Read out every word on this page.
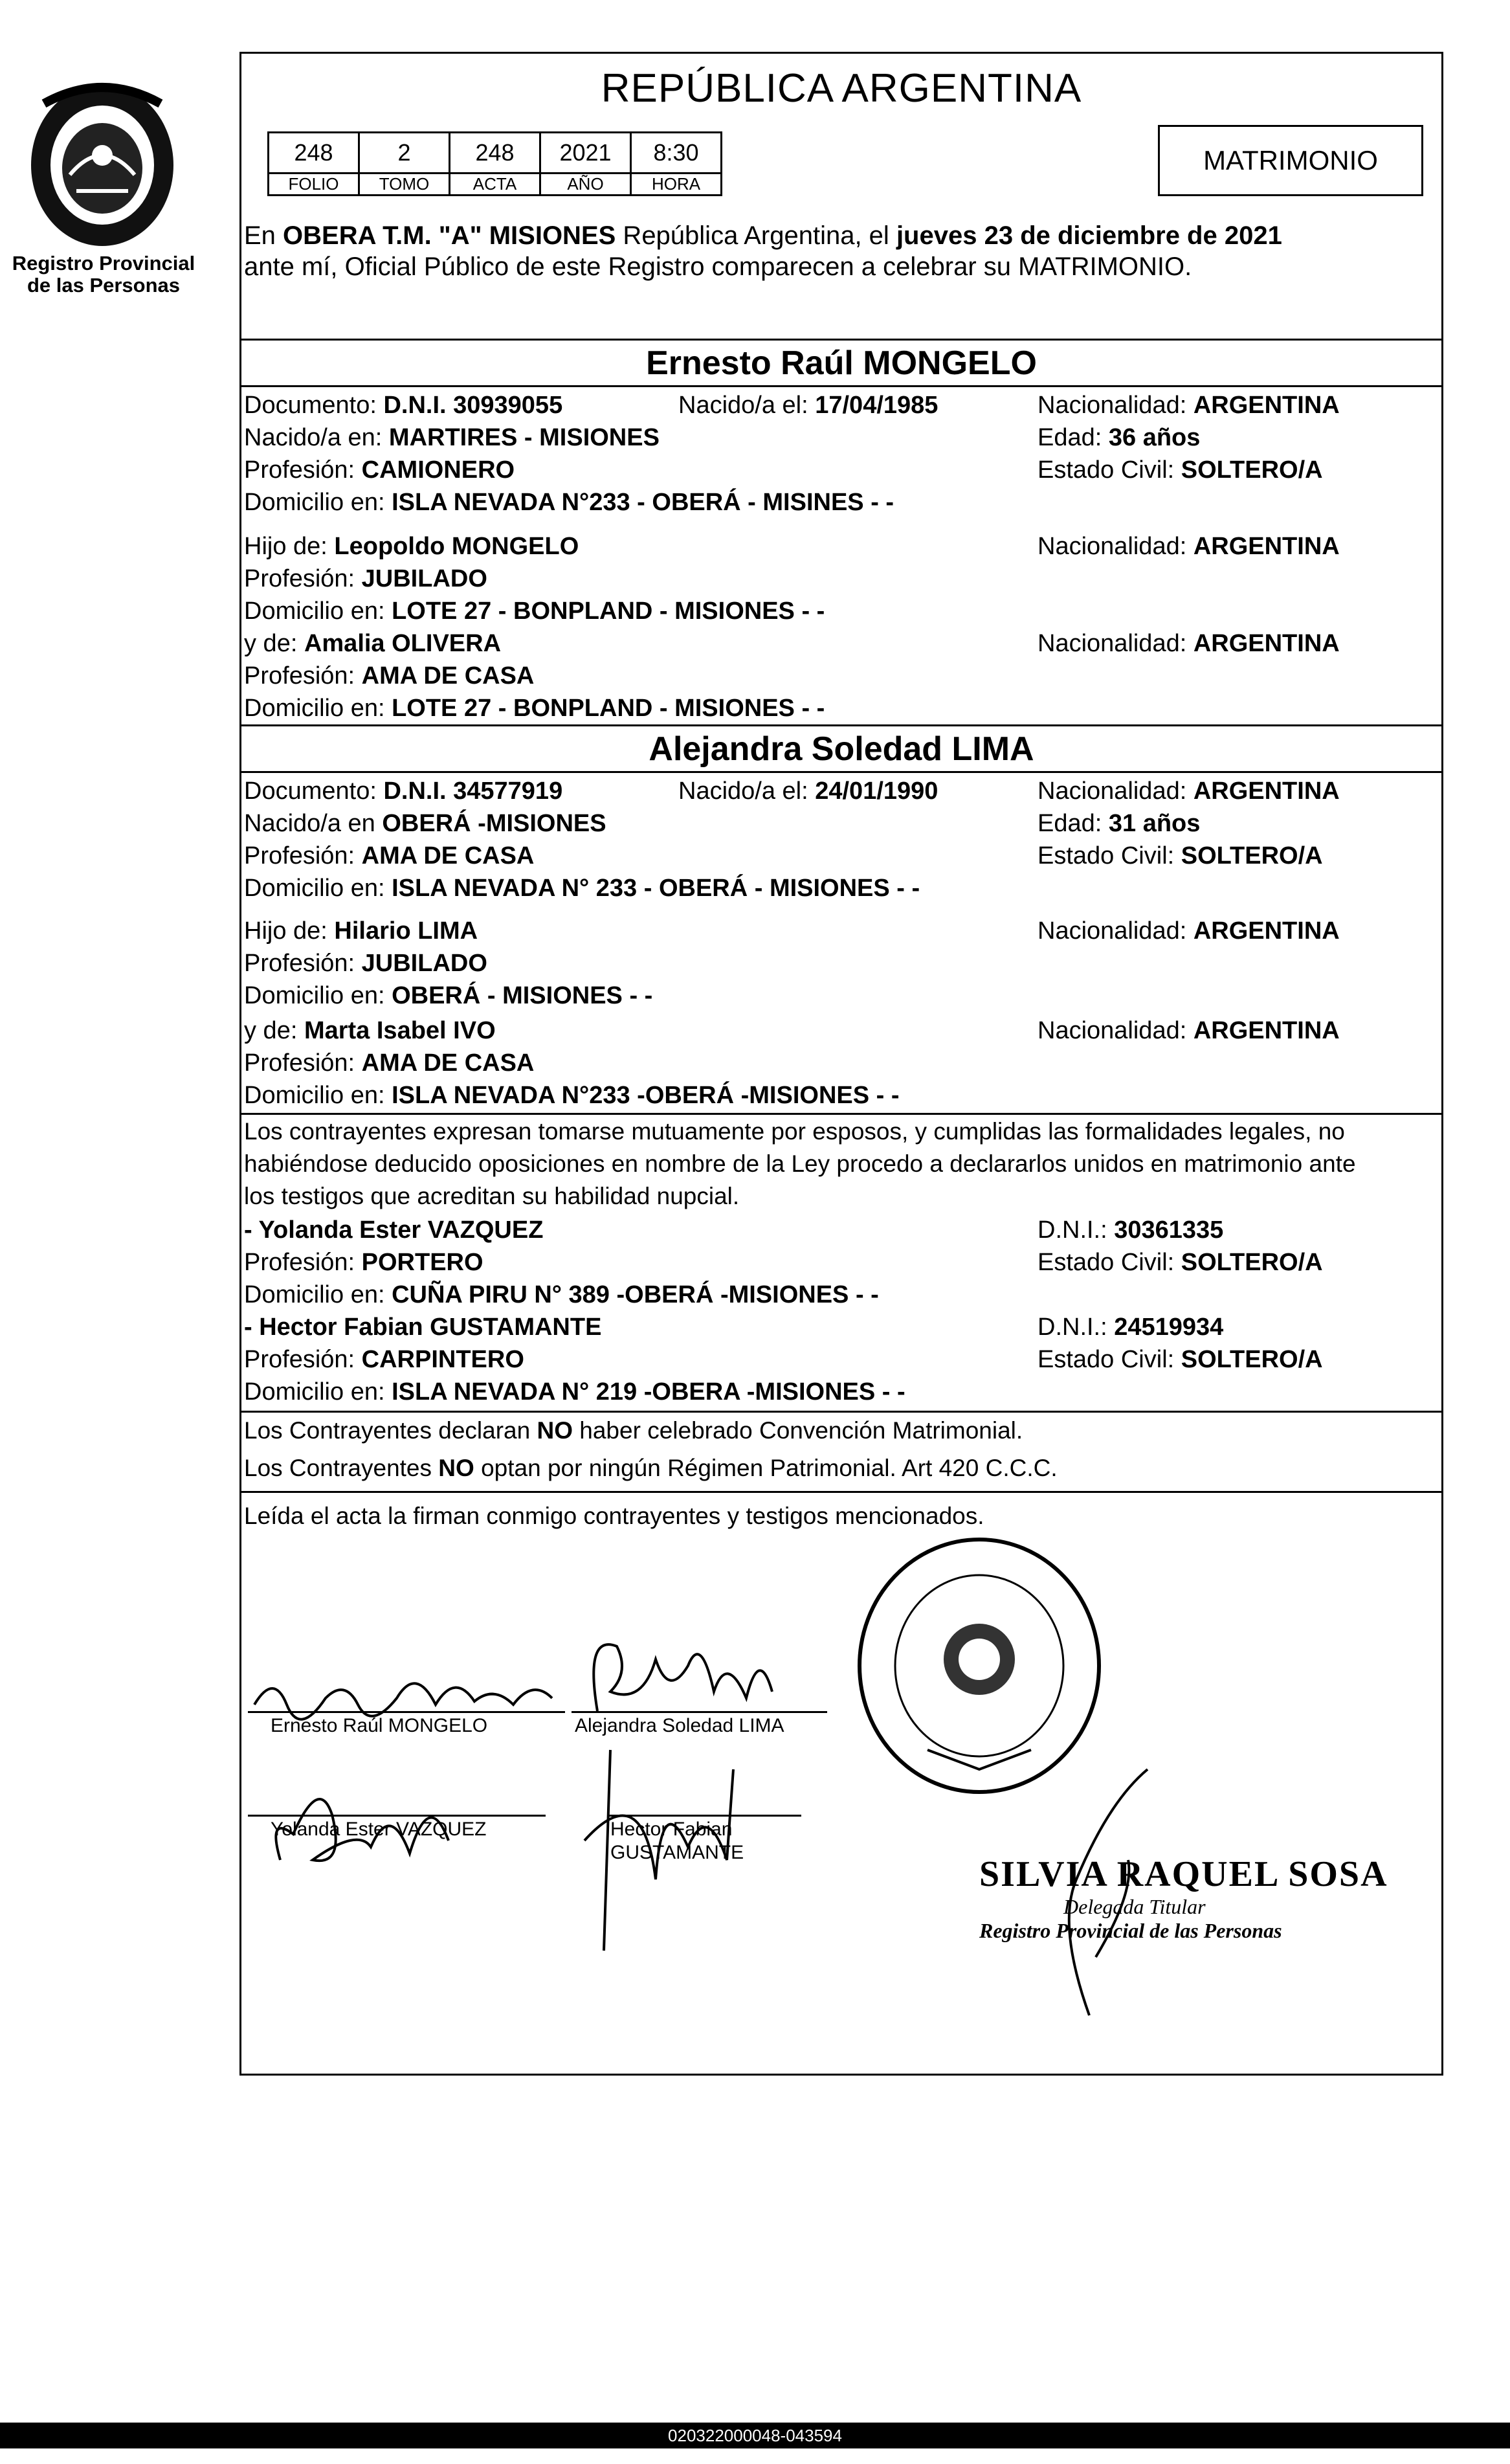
Registro Provincial
de las Personas
REPÚBLICA ARGENTINA
248	2	248	2021	8:30
FOLIO	TOMO	ACTA	AÑO	HORA
MATRIMONIO
En OBERA T.M. "A" MISIONES República Argentina, el jueves 23 de diciembre de 2021
ante mí, Oficial Público de este Registro comparecen a celebrar su MATRIMONIO.
Ernesto Raúl MONGELO
Documento: D.N.I. 30939055	Nacido/a el: 17/04/1985	Nacionalidad: ARGENTINA
Nacido/a en: MARTIRES - MISIONES	Edad: 36 años
Profesión: CAMIONERO	Estado Civil: SOLTERO/A
Domicilio en: ISLA NEVADA N°233 - OBERÁ - MISINES - -
Hijo de: Leopoldo MONGELO	Nacionalidad: ARGENTINA
Profesión: JUBILADO
Domicilio en: LOTE 27 - BONPLAND - MISIONES - -
y de: Amalia OLIVERA	Nacionalidad: ARGENTINA
Profesión: AMA DE CASA
Domicilio en: LOTE 27 - BONPLAND - MISIONES - -
Alejandra Soledad LIMA
Documento: D.N.I. 34577919	Nacido/a el: 24/01/1990	Nacionalidad: ARGENTINA
Nacido/a en OBERÁ -MISIONES	Edad: 31 años
Profesión: AMA DE CASA	Estado Civil: SOLTERO/A
Domicilio en: ISLA NEVADA N° 233 - OBERÁ - MISIONES - -
Hijo de: Hilario LIMA	Nacionalidad: ARGENTINA
Profesión: JUBILADO
Domicilio en: OBERÁ - MISIONES - -
y de: Marta Isabel IVO	Nacionalidad: ARGENTINA
Profesión: AMA DE CASA
Domicilio en: ISLA NEVADA N°233 -OBERÁ -MISIONES - -
Los contrayentes expresan tomarse mutuamente por esposos, y cumplidas las formalidades legales, no
habiéndose deducido oposiciones en nombre de la Ley procedo a declararlos unidos en matrimonio ante
los testigos que acreditan su habilidad nupcial.
- Yolanda Ester VAZQUEZ	D.N.I.: 30361335
Profesión: PORTERO	Estado Civil: SOLTERO/A
Domicilio en: CUÑA PIRU N° 389 -OBERÁ -MISIONES - -
- Hector Fabian GUSTAMANTE	D.N.I.: 24519934
Profesión: CARPINTERO	Estado Civil: SOLTERO/A
Domicilio en: ISLA NEVADA N° 219 -OBERA -MISIONES - -
Los Contrayentes declaran NO haber celebrado Convención Matrimonial.
Los Contrayentes NO optan por ningún Régimen Patrimonial. Art 420 C.C.C.
Leída el acta la firman conmigo contrayentes y testigos mencionados.
Ernesto Raúl MONGELO	Alejandra Soledad LIMA
Yolanda Ester VAZQUEZ	Hector Fabian
GUSTAMANTE
SILVIA RAQUEL SOSA
Delegada Titular
Registro Provincial de las Personas
020322000048-043594
